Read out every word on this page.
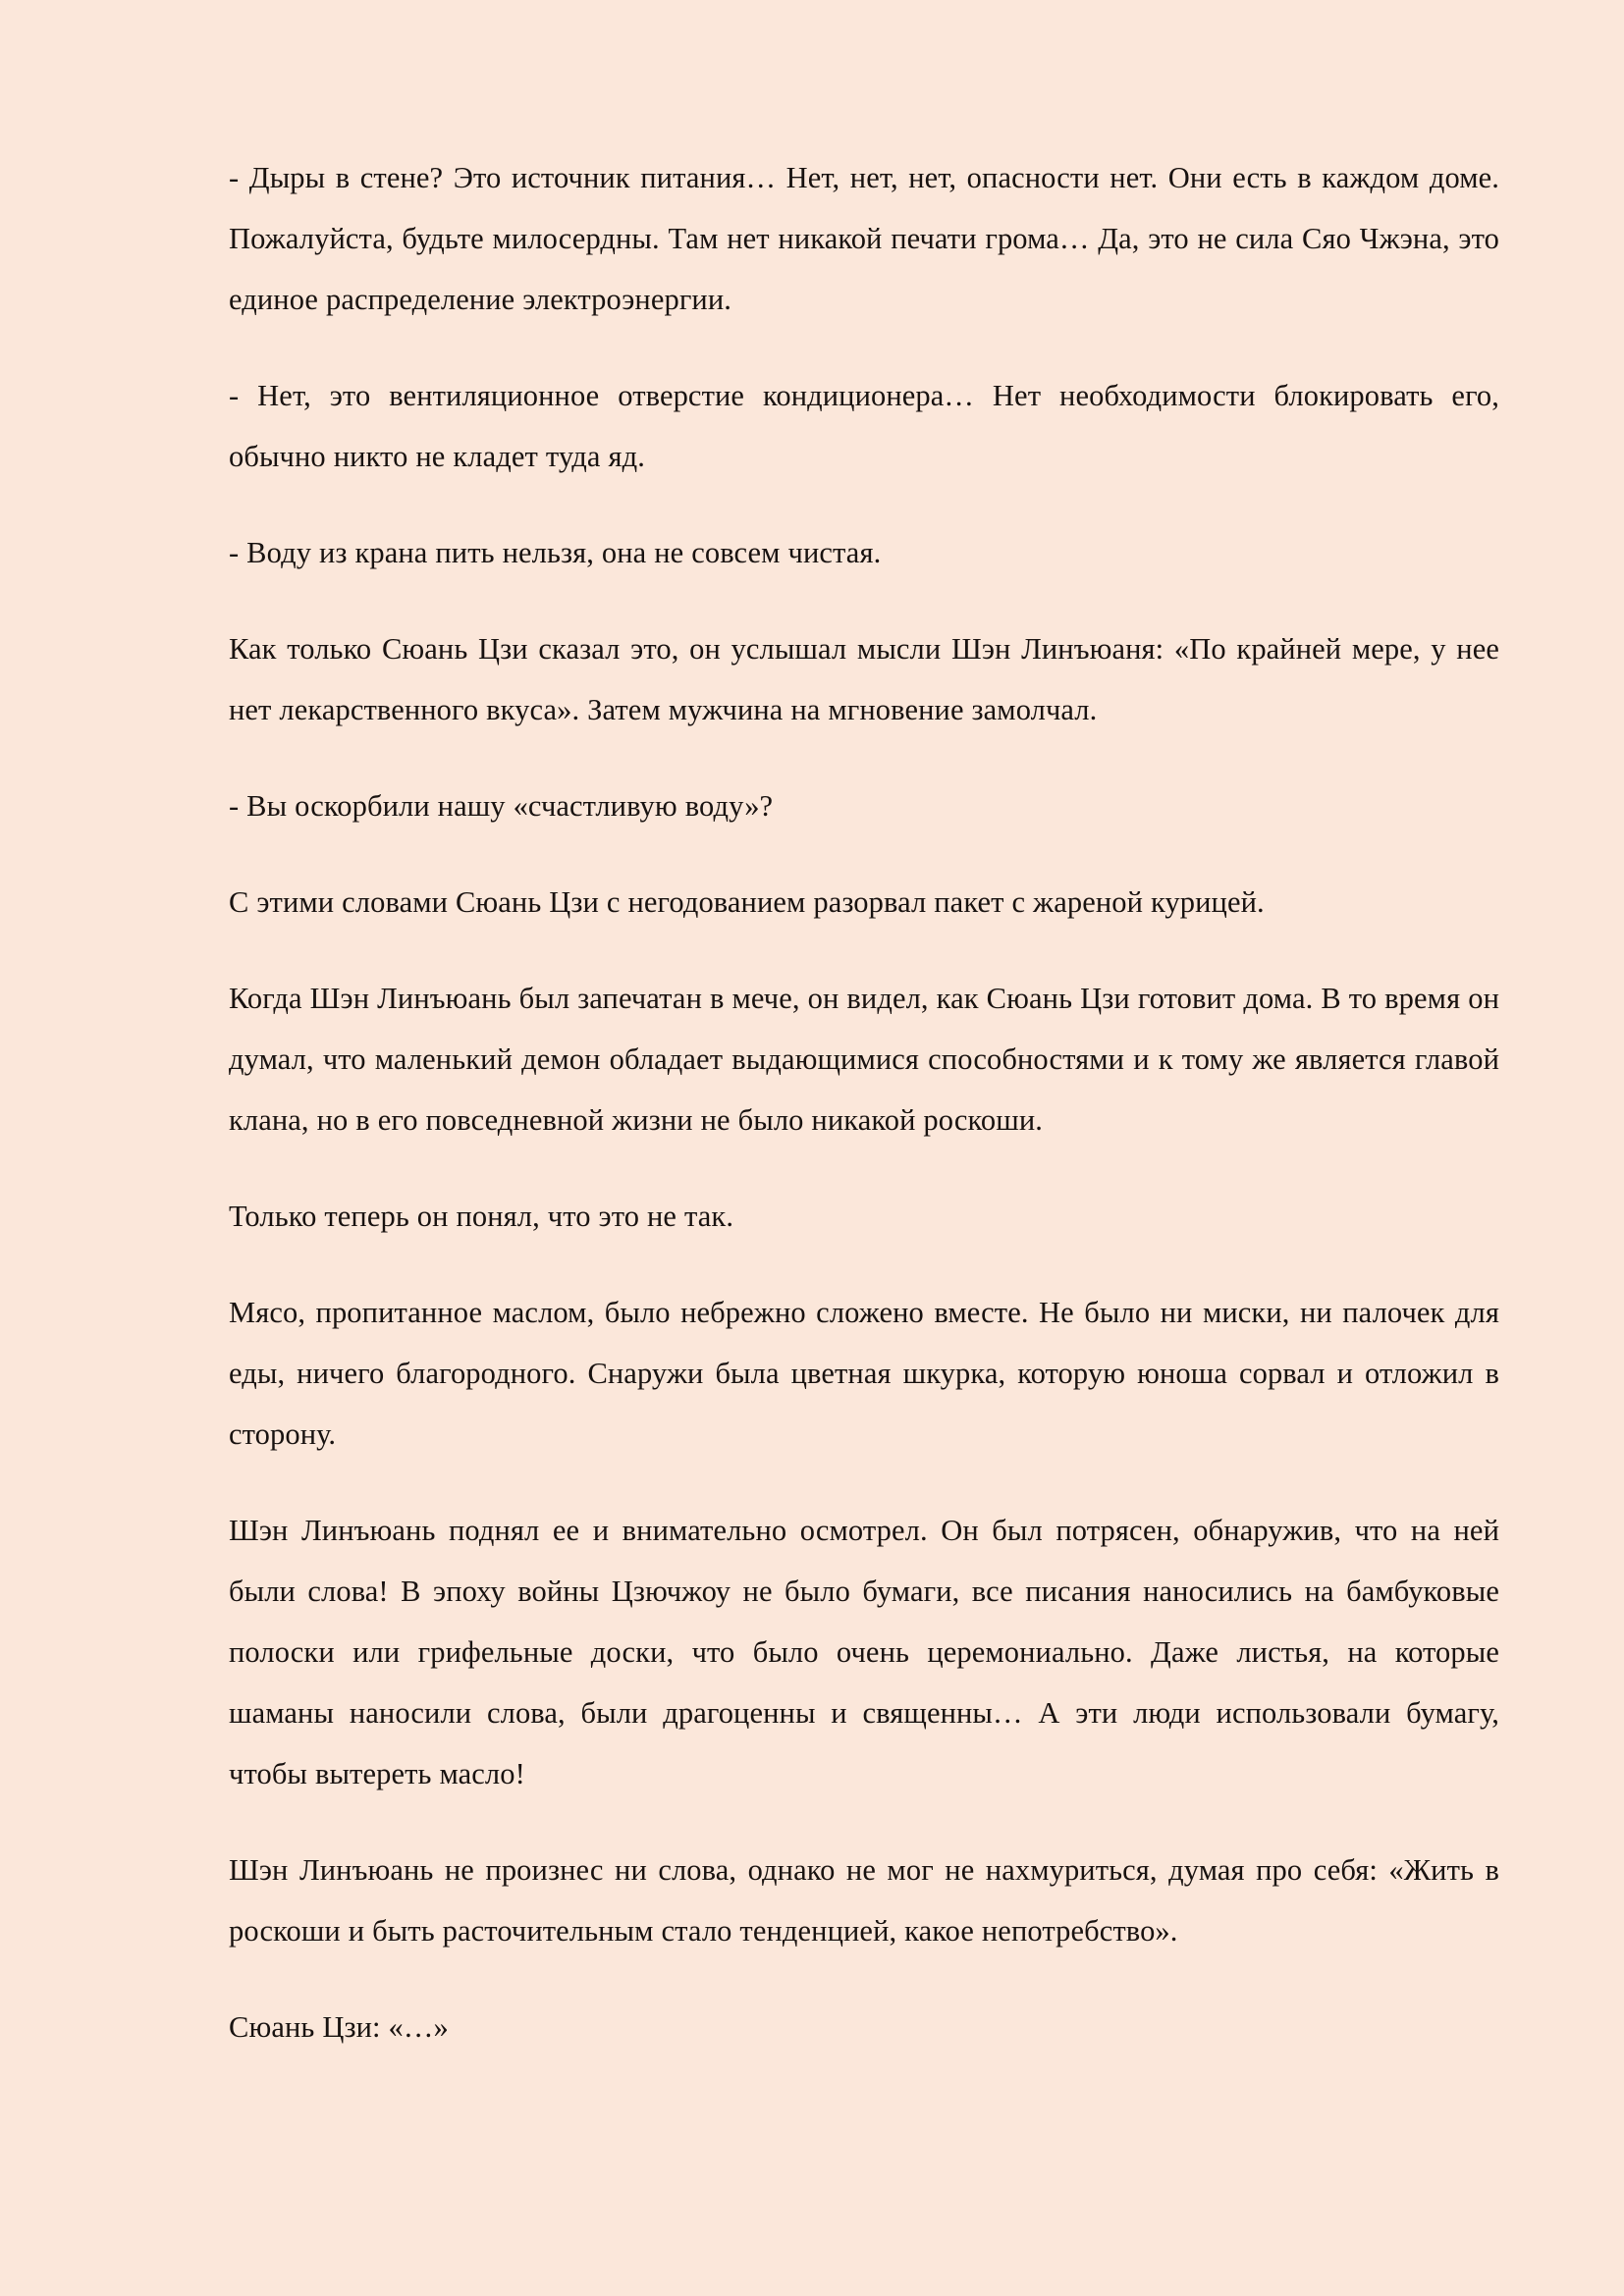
- Дыры в стене? Это источник питания… Нет, нет, нет, опасности нет. Они есть в каждом доме. Пожалуйста, будьте милосердны. Там нет никакой печати грома… Да, это не сила Сяо Чжэна, это единое распределение электроэнергии.

- Нет, это вентиляционное отверстие кондиционера… Нет необходимости блокировать его, обычно никто не кладет туда яд.

- Воду из крана пить нельзя, она не совсем чистая.

Как только Сюань Цзи сказал это, он услышал мысли Шэн Линъюаня: «По крайней мере, у нее нет лекарственного вкуса». Затем мужчина на мгновение замолчал.

- Вы оскорбили нашу «счастливую воду»?

С этими словами Сюань Цзи с негодованием разорвал пакет с жареной курицей.

Когда Шэн Линъюань был запечатан в мече, он видел, как Сюань Цзи готовит дома. В то время он думал, что маленький демон обладает выдающимися способностями и к тому же является главой клана, но в его повседневной жизни не было никакой роскоши.

Только теперь он понял, что это не так.

Мясо, пропитанное маслом, было небрежно сложено вместе. Не было ни миски, ни палочек для еды, ничего благородного. Снаружи была цветная шкурка, которую юноша сорвал и отложил в сторону.

Шэн Линъюань поднял ее и внимательно осмотрел. Он был потрясен, обнаружив, что на ней были слова! В эпоху войны Цзючжоу не было бумаги, все писания наносились на бамбуковые полоски или грифельные доски, что было очень церемониально. Даже листья, на которые шаманы наносили слова, были драгоценны и священны… А эти люди использовали бумагу, чтобы вытереть масло!

Шэн Линъюань не произнес ни слова, однако не мог не нахмуриться, думая про себя: «Жить в роскоши и быть расточительным стало тенденцией, какое непотребство».

Сюань Цзи: «…»
